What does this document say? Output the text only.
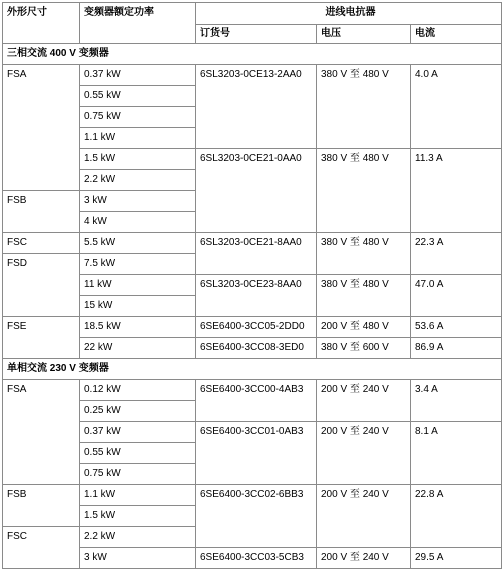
外形尺寸	变频器额定功率	进线电抗器		
		订货号	电压	电流
三相交流 400 V 变频器				
FSA	0.37 kW	6SL3203-0CE13-2AA0	380 V 至 480 V	4.0 A
	0.55 kW			
	0.75 kW			
	1.1 kW			
	1.5 kW	6SL3203-0CE21-0AA0	380 V 至 480 V	11.3 A
	2.2 kW			
FSB	3 kW			
	4 kW			
FSC	5.5 kW	6SL3203-0CE21-8AA0	380 V 至 480 V	22.3 A
FSD	7.5 kW			
	11 kW	6SL3203-0CE23-8AA0	380 V 至 480 V	47.0 A
	15 kW			
FSE	18.5 kW	6SE6400-3CC05-2DD0	200 V 至 480 V	53.6 A
	22 kW	6SE6400-3CC08-3ED0	380 V 至 600 V	86.9 A
单相交流 230 V 变频器				
FSA	0.12 kW	6SE6400-3CC00-4AB3	200 V 至 240 V	3.4 A
	0.25 kW			
	0.37 kW	6SE6400-3CC01-0AB3	200 V 至 240 V	8.1 A
	0.55 kW			
	0.75 kW			
FSB	1.1 kW	6SE6400-3CC02-6BB3	200 V 至 240 V	22.8 A
	1.5 kW			
FSC	2.2 kW			
	3 kW	6SE6400-3CC03-5CB3	200 V 至 240 V	29.5 A
